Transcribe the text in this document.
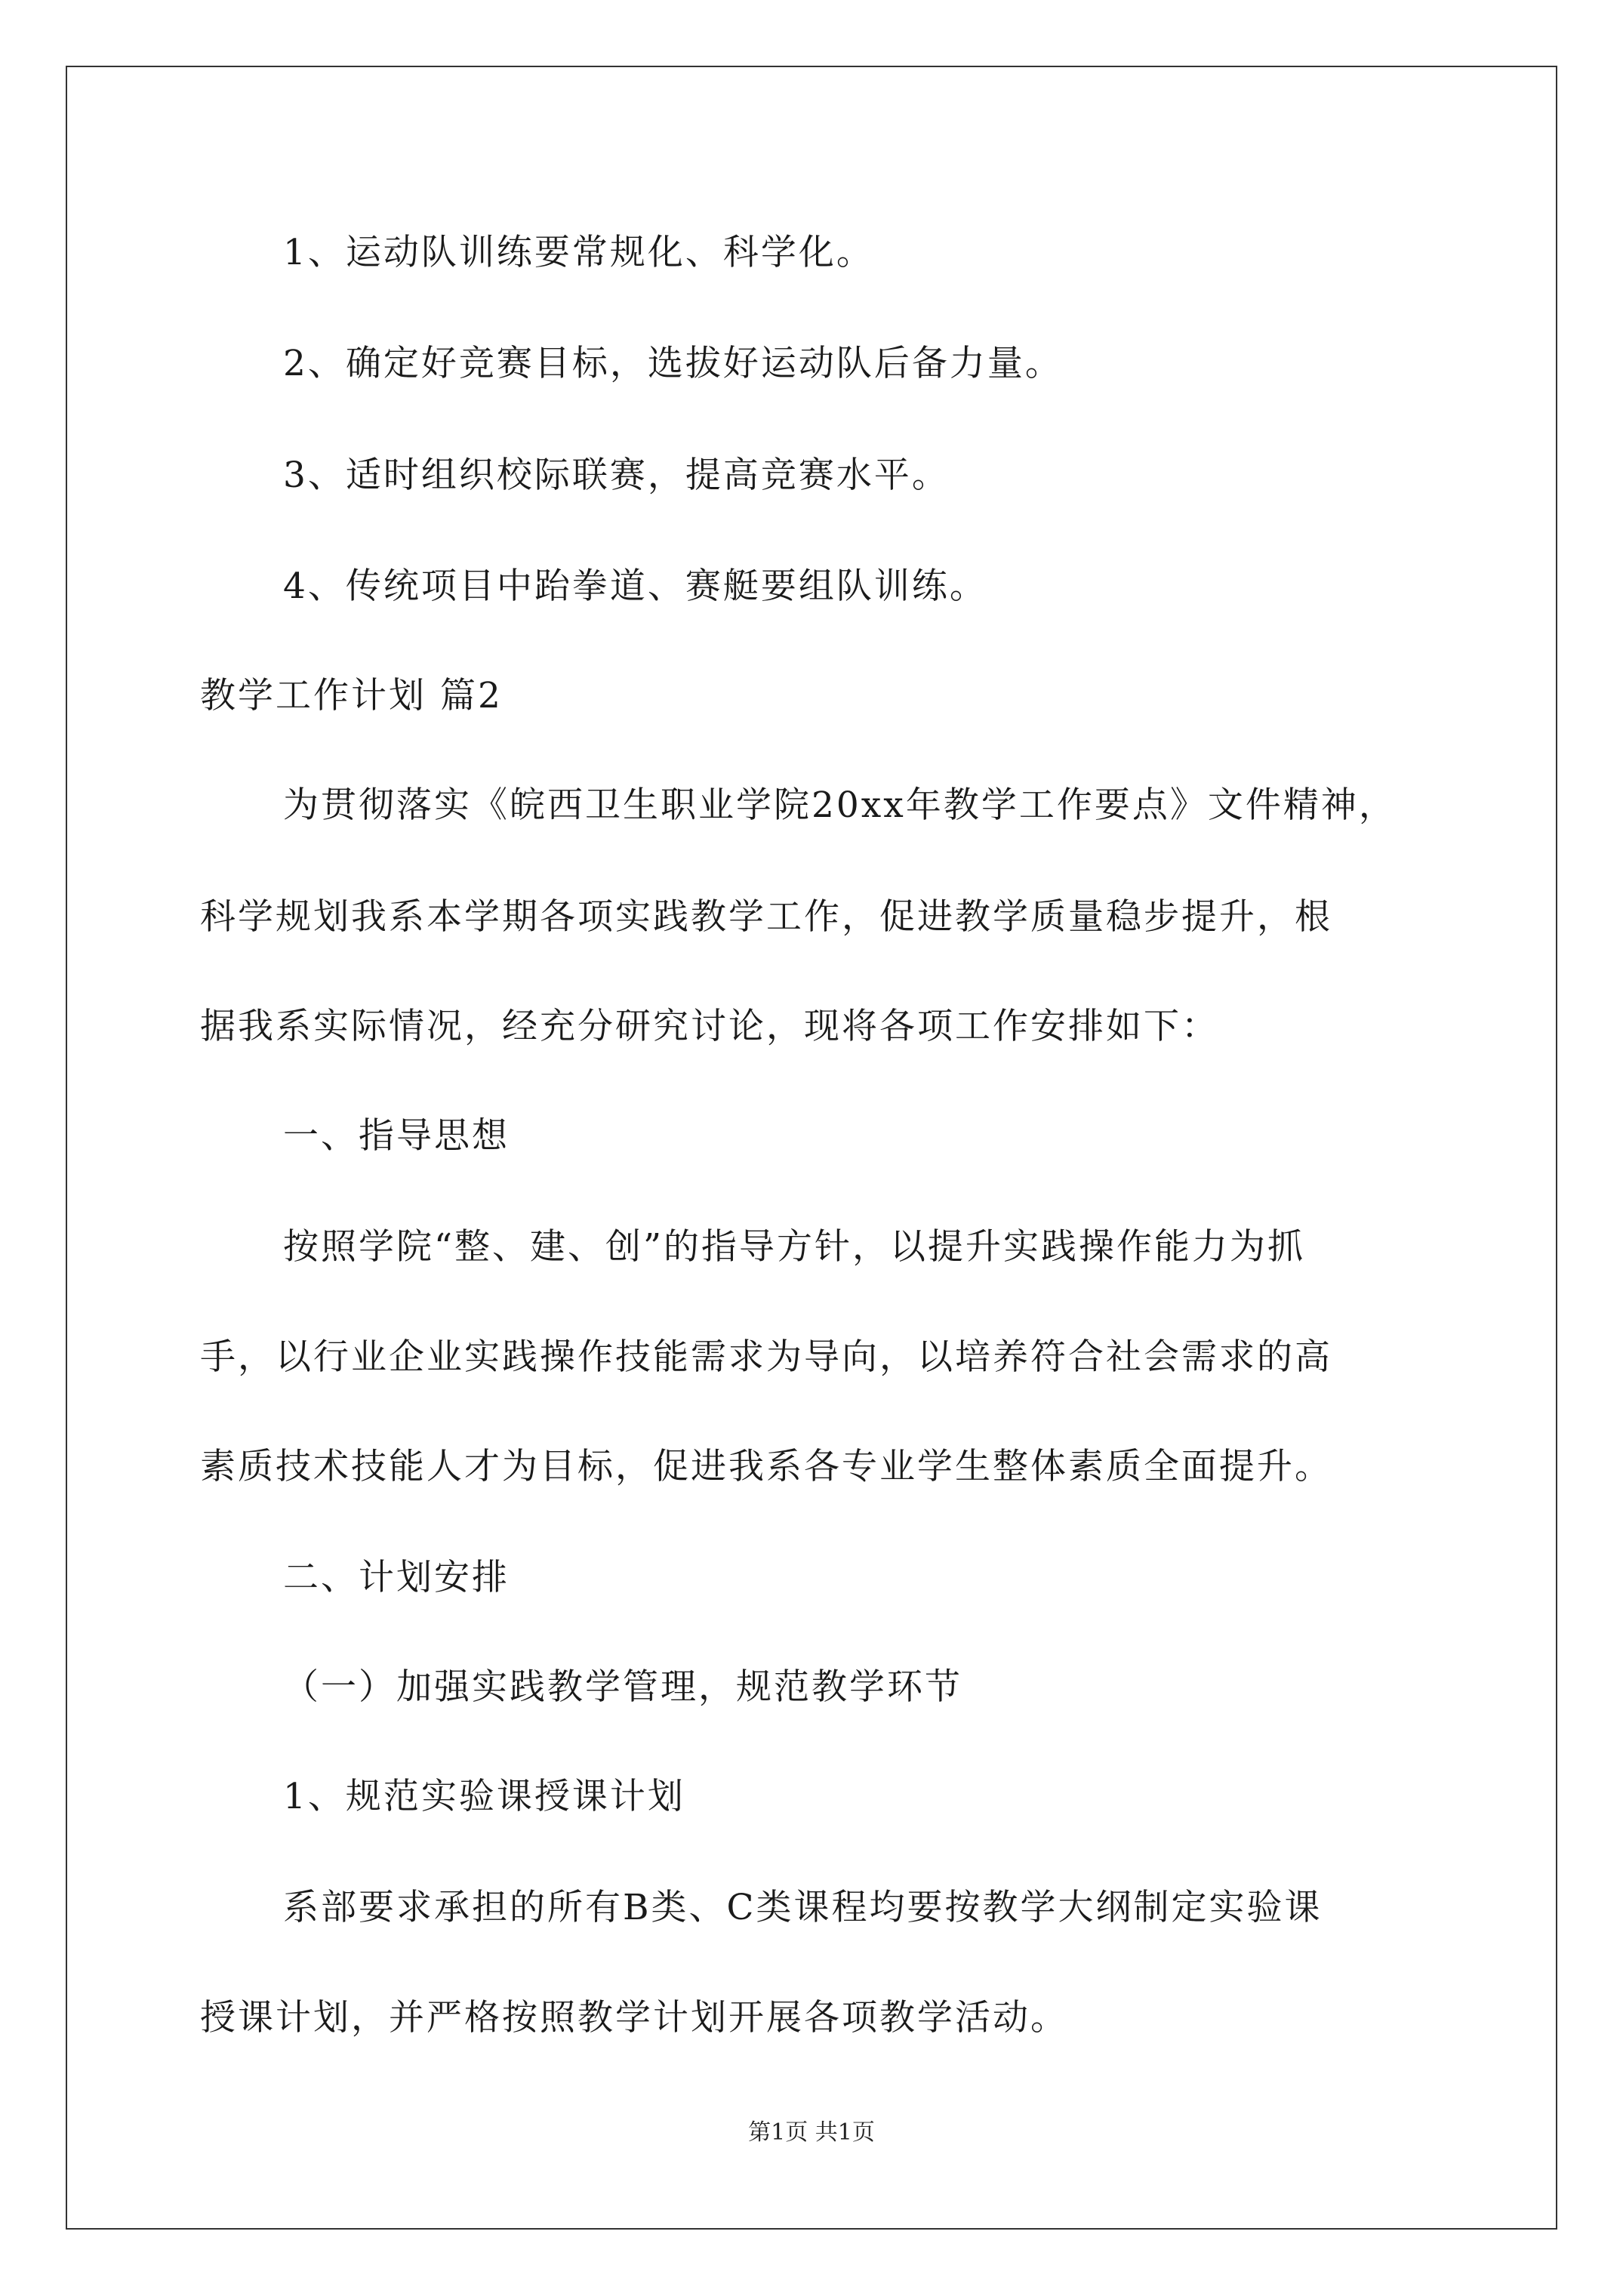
1、运动队训练要常规化、科学化。
2、确定好竞赛目标，选拔好运动队后备力量。
3、适时组织校际联赛，提高竞赛水平。
4、传统项目中跆拳道、赛艇要组队训练。
教学工作计划 篇2
为贯彻落实《皖西卫生职业学院20xx年教学工作要点》文件精神，
科学规划我系本学期各项实践教学工作，促进教学质量稳步提升，根
据我系实际情况，经充分研究讨论，现将各项工作安排如下：
一、指导思想
按照学院“整、建、创”的指导方针，以提升实践操作能力为抓
手，以行业企业实践操作技能需求为导向，以培养符合社会需求的高
素质技术技能人才为目标，促进我系各专业学生整体素质全面提升。
二、计划安排
（一）加强实践教学管理，规范教学环节
1、规范实验课授课计划
系部要求承担的所有B类、C类课程均要按教学大纲制定实验课
授课计划，并严格按照教学计划开展各项教学活动。
第1页 共1页
